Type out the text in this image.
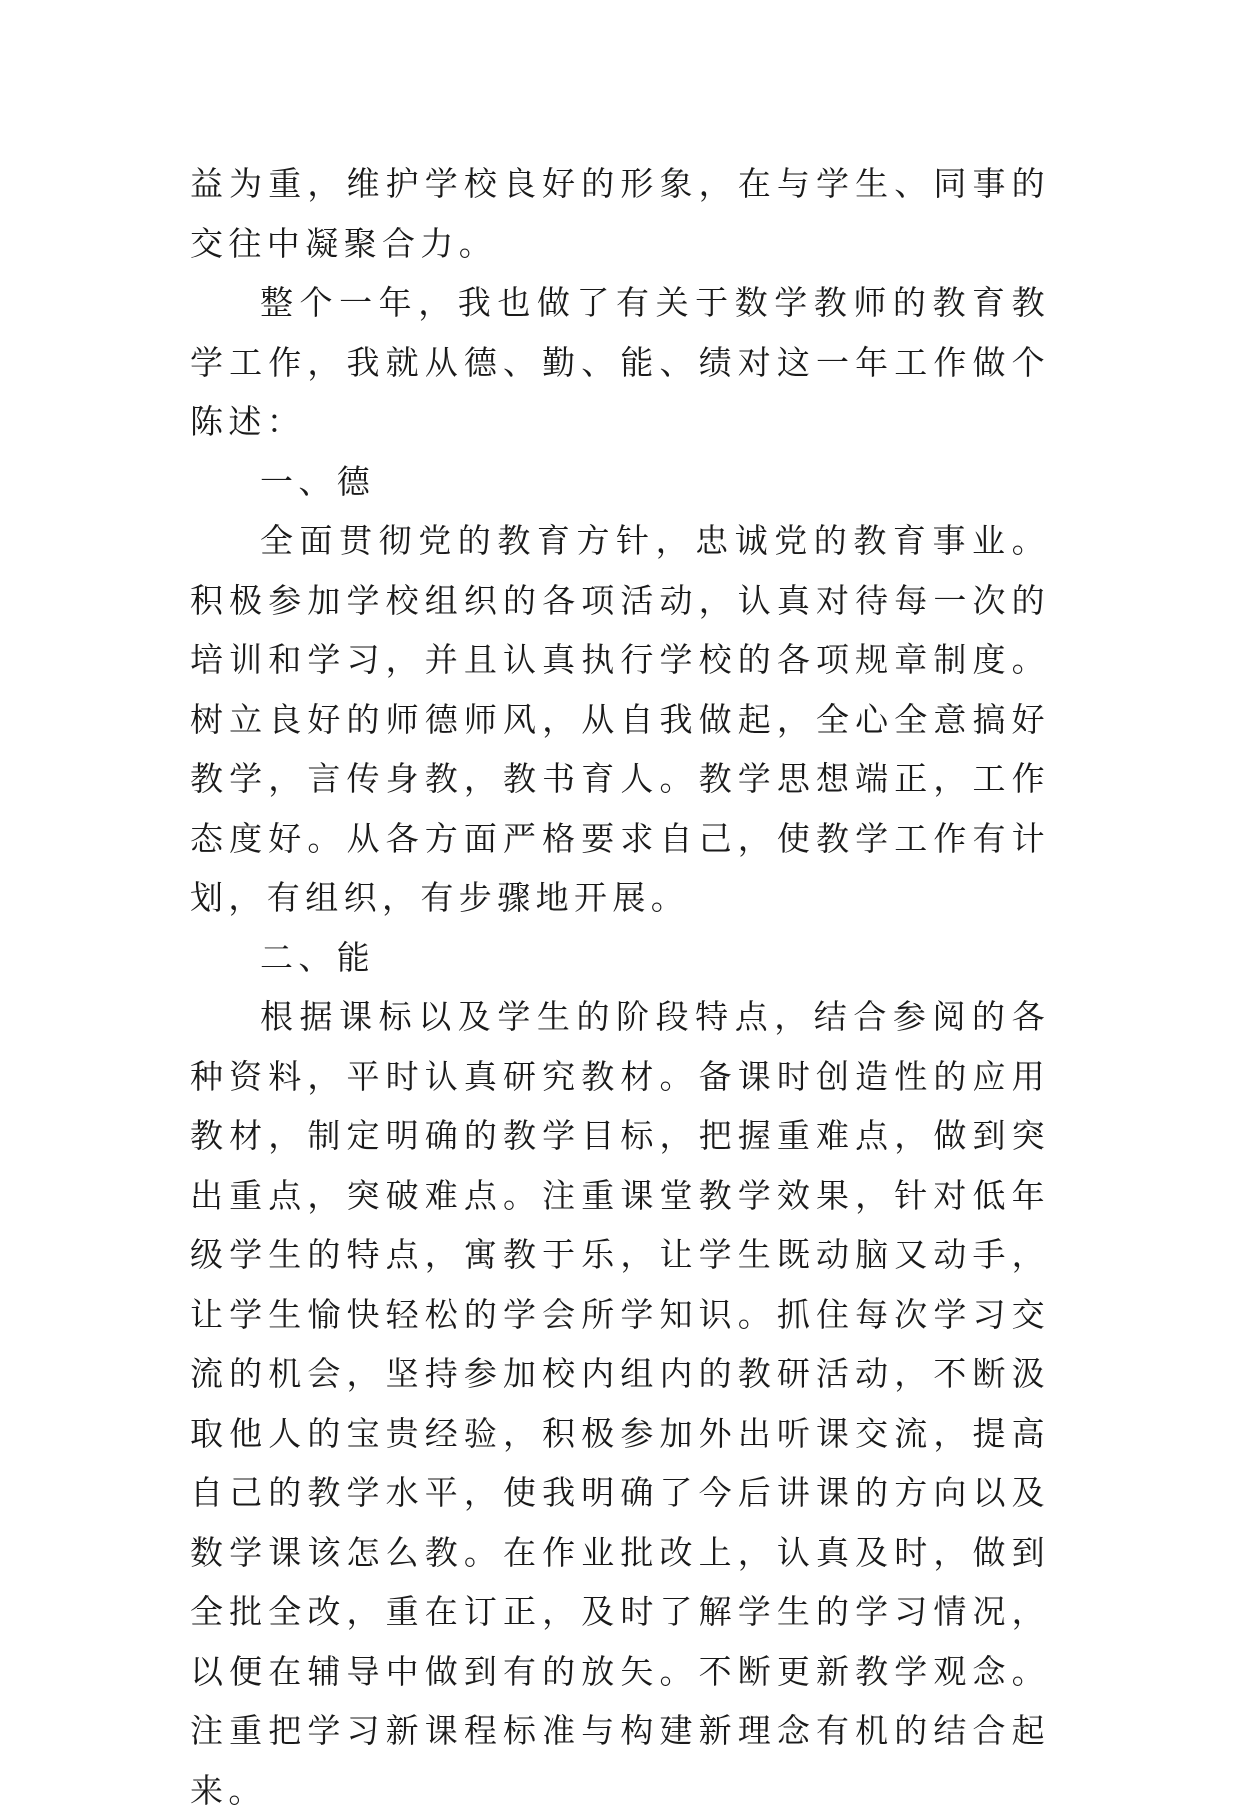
益为重，维护学校良好的形象，在与学生、同事的交往中凝聚合力。

整个一年，我也做了有关于数学教师的教育教学工作，我就从德、勤、能、绩对这一年工作做个陈述：

一、德

全面贯彻党的教育方针，忠诚党的教育事业。积极参加学校组织的各项活动，认真对待每一次的培训和学习，并且认真执行学校的各项规章制度。树立良好的师德师风，从自我做起，全心全意搞好教学，言传身教，教书育人。教学思想端正，工作态度好。从各方面严格要求自己，使教学工作有计划，有组织，有步骤地开展。

二、能

根据课标以及学生的阶段特点，结合参阅的各种资料，平时认真研究教材。备课时创造性的应用教材，制定明确的教学目标，把握重难点，做到突出重点，突破难点。注重课堂教学效果，针对低年级学生的特点，寓教于乐，让学生既动脑又动手，让学生愉快轻松的学会所学知识。抓住每次学习交流的机会，坚持参加校内组内的教研活动，不断汲取他人的宝贵经验，积极参加外出听课交流，提高自己的教学水平，使我明确了今后讲课的方向以及数学课该怎么教。在作业批改上，认真及时，做到全批全改，重在订正，及时了解学生的学习情况，以便在辅导中做到有的放矢。不断更新教学观念。注重把学习新课程标准与构建新理念有机的结合起来。
